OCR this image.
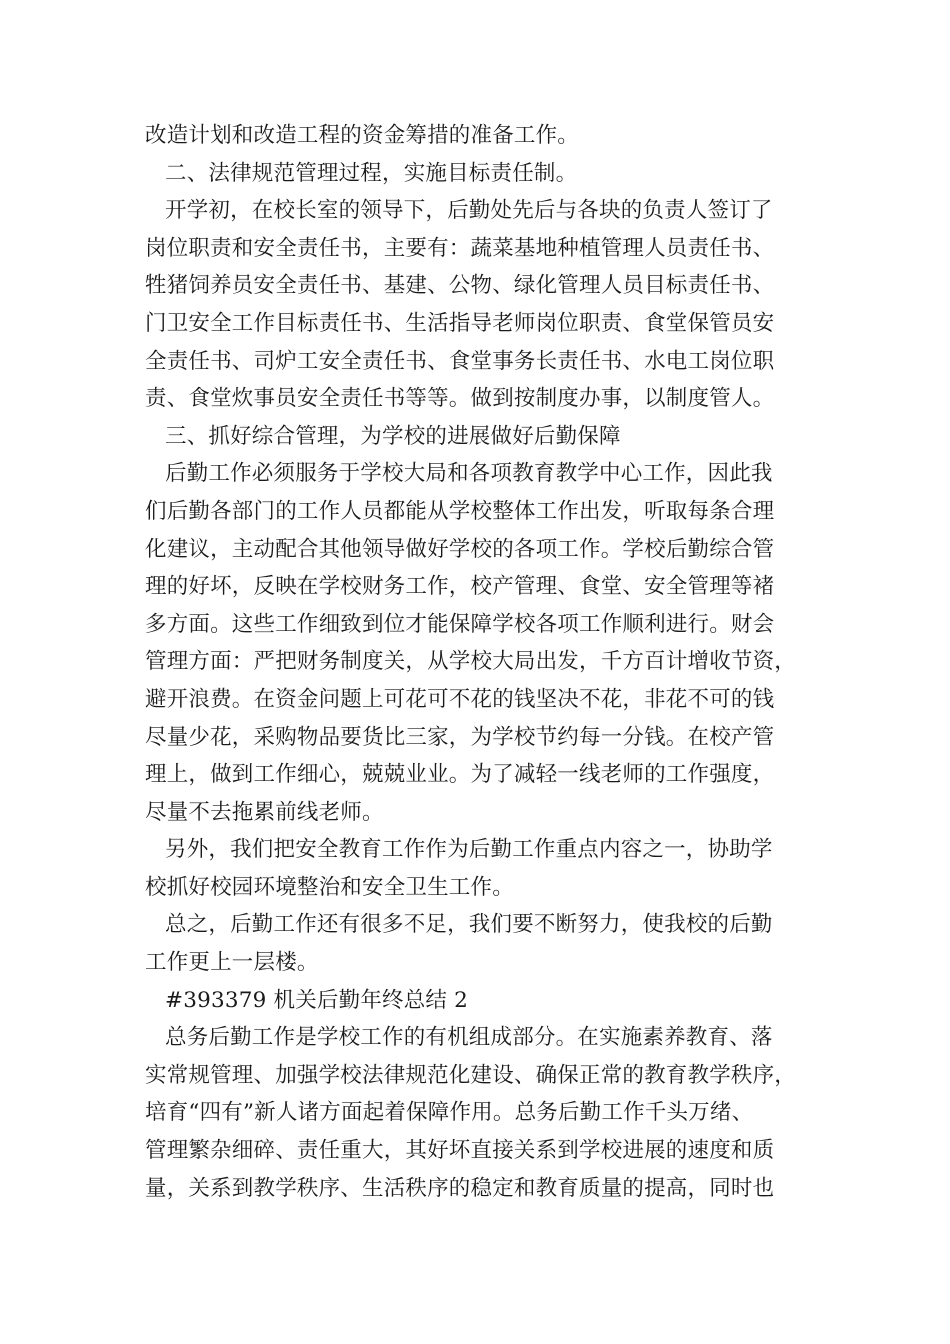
改造计划和改造工程的资金筹措的准备工作。
二、法律规范管理过程，实施目标责任制。
开学初，在校长室的领导下，后勤处先后与各块的负责人签订了
岗位职责和安全责任书，主要有：蔬菜基地种植管理人员责任书、
牲猪饲养员安全责任书、基建、公物、绿化管理人员目标责任书、
门卫安全工作目标责任书、生活指导老师岗位职责、食堂保管员安
全责任书、司炉工安全责任书、食堂事务长责任书、水电工岗位职
责、食堂炊事员安全责任书等等。做到按制度办事，以制度管人。
三、抓好综合管理，为学校的进展做好后勤保障
后勤工作必须服务于学校大局和各项教育教学中心工作，因此我
们后勤各部门的工作人员都能从学校整体工作出发，听取每条合理
化建议，主动配合其他领导做好学校的各项工作。学校后勤综合管
理的好坏，反映在学校财务工作，校产管理、食堂、安全管理等褚
多方面。这些工作细致到位才能保障学校各项工作顺利进行。财会
管理方面：严把财务制度关，从学校大局出发，千方百计增收节资，
避开浪费。在资金问题上可花可不花的钱坚决不花，非花不可的钱
尽量少花，采购物品要货比三家，为学校节约每一分钱。在校产管
理上，做到工作细心，兢兢业业。为了减轻一线老师的工作强度，
尽量不去拖累前线老师。
另外，我们把安全教育工作作为后勤工作重点内容之一，协助学
校抓好校园环境整治和安全卫生工作。
总之，后勤工作还有很多不足，我们要不断努力，使我校的后勤
工作更上一层楼。
#393379 机关后勤年终总结 2
总务后勤工作是学校工作的有机组成部分。在实施素养教育、落
实常规管理、加强学校法律规范化建设、确保正常的教育教学秩序，
培育“四有”新人诸方面起着保障作用。总务后勤工作千头万绪、
管理繁杂细碎、责任重大，其好坏直接关系到学校进展的速度和质
量，关系到教学秩序、生活秩序的稳定和教育质量的提高，同时也
